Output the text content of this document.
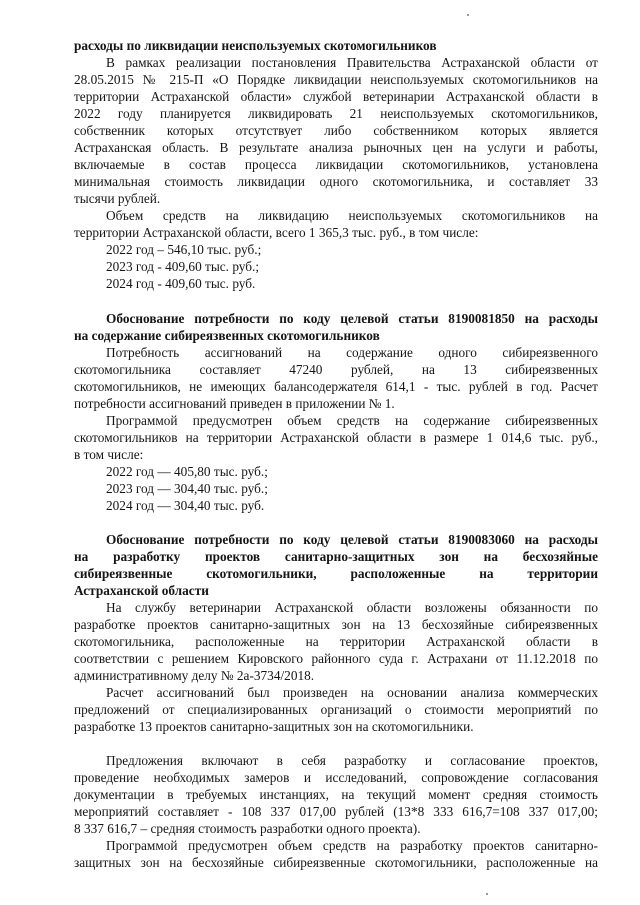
расходы по ликвидации неиспользуемых скотомогильников
В рамках реализации постановления Правительства Астраханской области от
28.05.2015 № 215-П «О Порядке ликвидации неиспользуемых скотомогильников на
территории Астраханской области» службой ветеринарии Астраханской области в
2022 году планируется ликвидировать 21 неиспользуемых скотомогильников,
собственник которых отсутствует либо собственником которых является
Астраханская область. В результате анализа рыночных цен на услуги и работы,
включаемые в состав процесса ликвидации скотомогильников, установлена
минимальная стоимость ликвидации одного скотомогильника, и составляет 33
тысячи рублей.
Объем средств на ликвидацию неиспользуемых скотомогильников на
территории Астраханской области, всего 1 365,3 тыс. руб., в том числе:
2022 год – 546,10 тыс. руб.;
2023 год - 409,60 тыс. руб.;
2024 год - 409,60 тыс. руб.
Обоснование потребности по коду целевой статьи 8190081850 на расходы
на содержание сибиреязвенных скотомогильников
Потребность ассигнований на содержание одного сибиреязвенного
скотомогильника составляет 47240 рублей, на 13 сибиреязвенных
скотомогильников, не имеющих балансодержателя 614,1 - тыс. рублей в год. Расчет
потребности ассигнований приведен в приложении № 1.
Программой предусмотрен объем средств на содержание сибиреязвенных
скотомогильников на территории Астраханской области в размере 1 014,6 тыс. руб.,
в том числе:
2022 год — 405,80 тыс. руб.;
2023 год — 304,40 тыс. руб.;
2024 год — 304,40 тыс. руб.
Обоснование потребности по коду целевой статьи 8190083060 на расходы
на разработку проектов санитарно-защитных зон на бесхозяйные
сибиреязвенные скотомогильники, расположенные на территории
Астраханской области
На службу ветеринарии Астраханской области возложены обязанности по
разработке проектов санитарно-защитных зон на 13 бесхозяйные сибиреязвенных
скотомогильника, расположенные на территории Астраханской области в
соответствии с решением Кировского районного суда г. Астрахани от 11.12.2018 по
административному делу № 2а-3734/2018.
Расчет ассигнований был произведен на основании анализа коммерческих
предложений от специализированных организаций о стоимости мероприятий по
разработке 13 проектов санитарно-защитных зон на скотомогильники.
Предложения включают в себя разработку и согласование проектов,
проведение необходимых замеров и исследований, сопровождение согласования
документации в требуемых инстанциях, на текущий момент средняя стоимость
мероприятий составляет - 108 337 017,00 рублей (13*8 333 616,7=108 337 017,00;
8 337 616,7 – средняя стоимость разработки одного проекта).
Программой предусмотрен объем средств на разработку проектов санитарно-
защитных зон на бесхозяйные сибиреязвенные скотомогильники, расположенные на
